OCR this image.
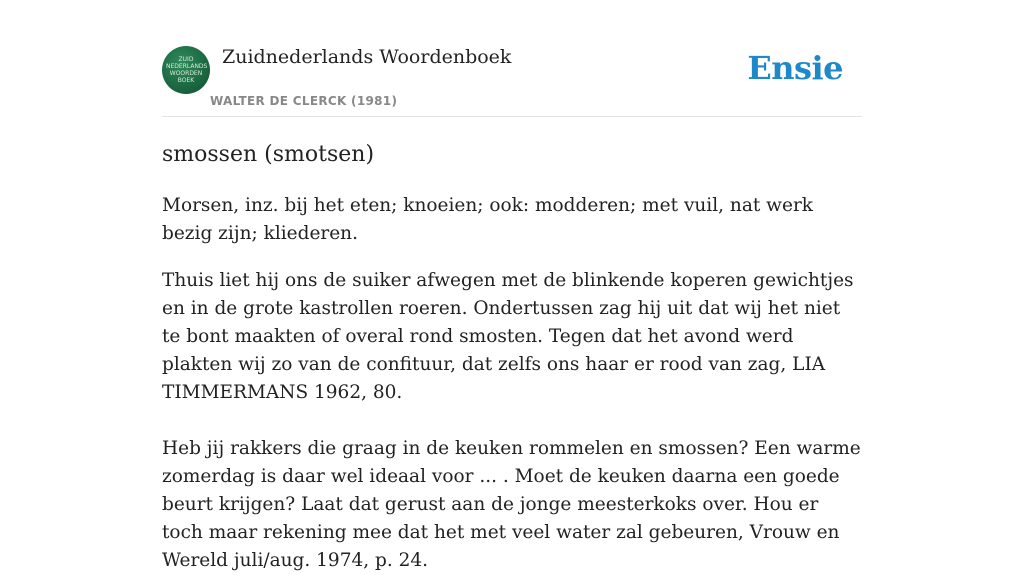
ZUID
NEDERLANDS
WOORDEN
BOEK
Zuidnederlands Woordenboek
WALTER DE CLERCK (1981)
Ensie
smossen (smotsen)

Morsen, inz. bij het eten; knoeien; ook: modderen; met vuil, nat werk bezig zijn; kliederen.

Thuis liet hij ons de suiker afwegen met de blinkende koperen gewichtjes en in de grote kastrollen roeren. Ondertussen zag hij uit dat wij het niet te bont maakten of overal rond smosten. Tegen dat het avond werd plakten wij zo van de confituur, dat zelfs ons haar er rood van zag, LIA TIMMERMANS 1962, 80.

Heb jij rakkers die graag in de keuken rommelen en smossen? Een warme zomerdag is daar wel ideaal voor ... . Moet de keuken daarna een goede beurt krijgen? Laat dat gerust aan de jonge meesterkoks over. Hou er toch maar rekening mee dat het met veel water zal gebeuren, Vrouw en Wereld juli/aug. 1974, p. 24.
